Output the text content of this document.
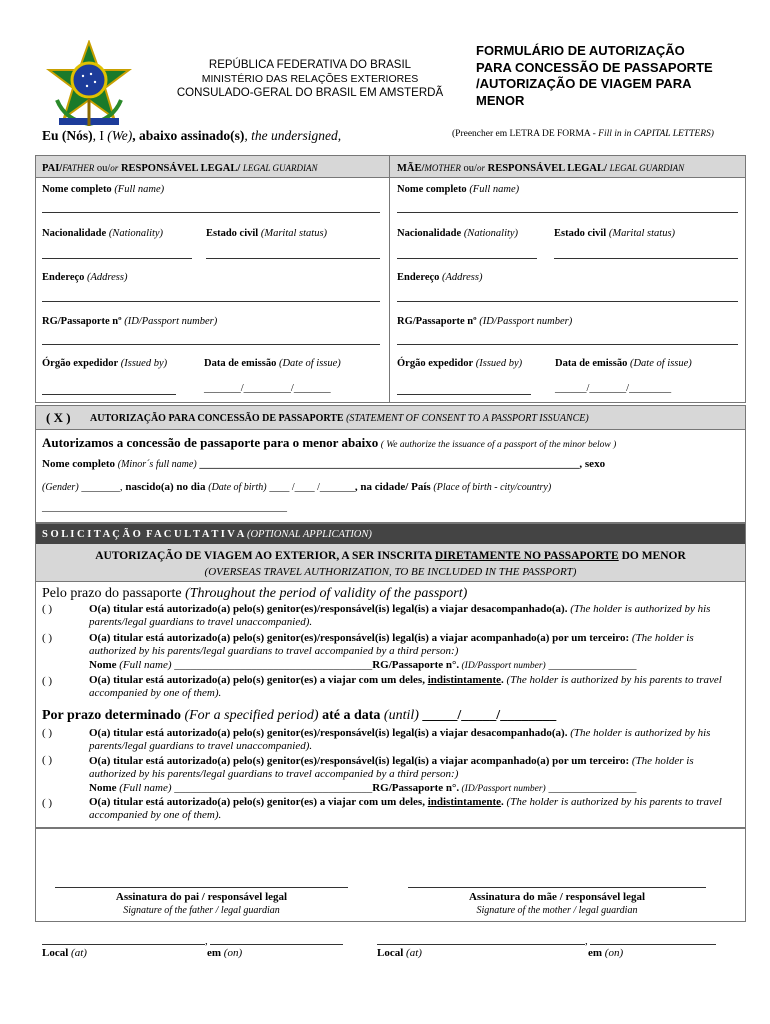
REPÚBLICA FEDERATIVA DO BRASIL
MINISTÉRIO DAS RELAÇÕES EXTERIORES
CONSULADO-GERAL DO BRASIL EM AMSTERDÃ
FORMULÁRIO DE AUTORIZAÇÃO
PARA CONCESSÃO DE PASSAPORTE
/AUTORIZAÇÃO DE VIAGEM PARA
MENOR
Eu (Nós), I (We), abaixo assinado(s), the undersigned,	(Preencher em LETRA DE FORMA - Fill in in CAPITAL LETTERS)
PAI/FATHER ou/or RESPONSÁVEL LEGAL/ LEGAL GUARDIAN
Nome completo (Full name)
Nacionalidade (Nationality)	Estado civil (Marital status)
Endereço (Address)
RG/Passaporte nº (ID/Passport number)
Órgão expedidor (Issued by)	Data de emissão (Date of issue)
_______/_________/_______
MÃE/MOTHER ou/or RESPONSÁVEL LEGAL/ LEGAL GUARDIAN
Nome completo (Full name)
Nacionalidade (Nationality)	Estado civil (Marital status)
Endereço (Address)
RG/Passaporte nº (ID/Passport number)
Órgão expedidor (Issued by)	Data de emissão (Date of issue)
______/_______/________
( X ) AUTORIZAÇÃO PARA CONCESSÃO DE PASSAPORTE (STATEMENT OF CONSENT TO A PASSPORT ISSUANCE)
Autorizamos a concessão de passaporte para o menor abaixo ( We authorize the issuance of a passport of the minor below )
Nome completo (Minor´s full name) ____________________________________________________________________________, sexo
(Gender) _______, nascido(a) no dia (Date of birth) ____ /____ /_______, na cidade/ País (Place of birth - city/country)
_________________________________________________
S O L I C I T A Ç Ã O  F A C U L T A T I V A (OPTIONAL APPLICATION)
AUTORIZAÇÃO DE VIAGEM AO EXTERIOR, A SER INSCRITA DIRETAMENTE NO PASSAPORTE DO MENOR
(OVERSEAS TRAVEL AUTHORIZATION, TO BE INCLUDED IN THE PASSPORT)
Pelo prazo do passaporte (Throughout the period of validity of the passport)
( )	O(a) titular está autorizado(a) pelo(s) genitor(es)/responsável(is) legal(is) a viajar desacompanhado(a). (The holder is authorized by his parents/legal guardians to travel unaccompanied).
( )	O(a) titular está autorizado(a) pelo(s) genitor(es)/responsável(is) legal(is) a viajar acompanhado(a) por um terceiro: (The holder is authorized by his parents/legal guardians to travel accompanied by a third person:)
Nome (Full name) ____________________________________RG/Passaporte n°. (ID/Passport number) ________________
( )	O(a) titular está autorizado(a) pelo(s) genitor(es) a viajar com um deles, indistintamente. (The holder is authorized by his parents to travel accompanied by one of them).
Por prazo determinado (For a specified period) até a data (until) _____/_____/________
( )	O(a) titular está autorizado(a) pelo(s) genitor(es)/responsável(is) legal(is) a viajar desacompanhado(a). (The holder is authorized by his parents/legal guardians to travel unaccompanied).
( )	O(a) titular está autorizado(a) pelo(s) genitor(es)/responsável(is) legal(is) a viajar acompanhado(a) por um terceiro: (The holder is authorized by his parents/legal guardians to travel accompanied by a third person:)
Nome (Full name) ____________________________________RG/Passaporte n°. (ID/Passport number) ________________
( )	O(a) titular está autorizado(a) pelo(s) genitor(es) a viajar com um deles, indistintamente. (The holder is authorized by his parents to travel accompanied by one of them).
Assinatura do pai / responsável legal
Signature of the father / legal guardian
Assinatura do mãe / responsável legal
Signature of the mother / legal guardian
,	,
Local (at)	em (on)	Local (at)	em (on)
